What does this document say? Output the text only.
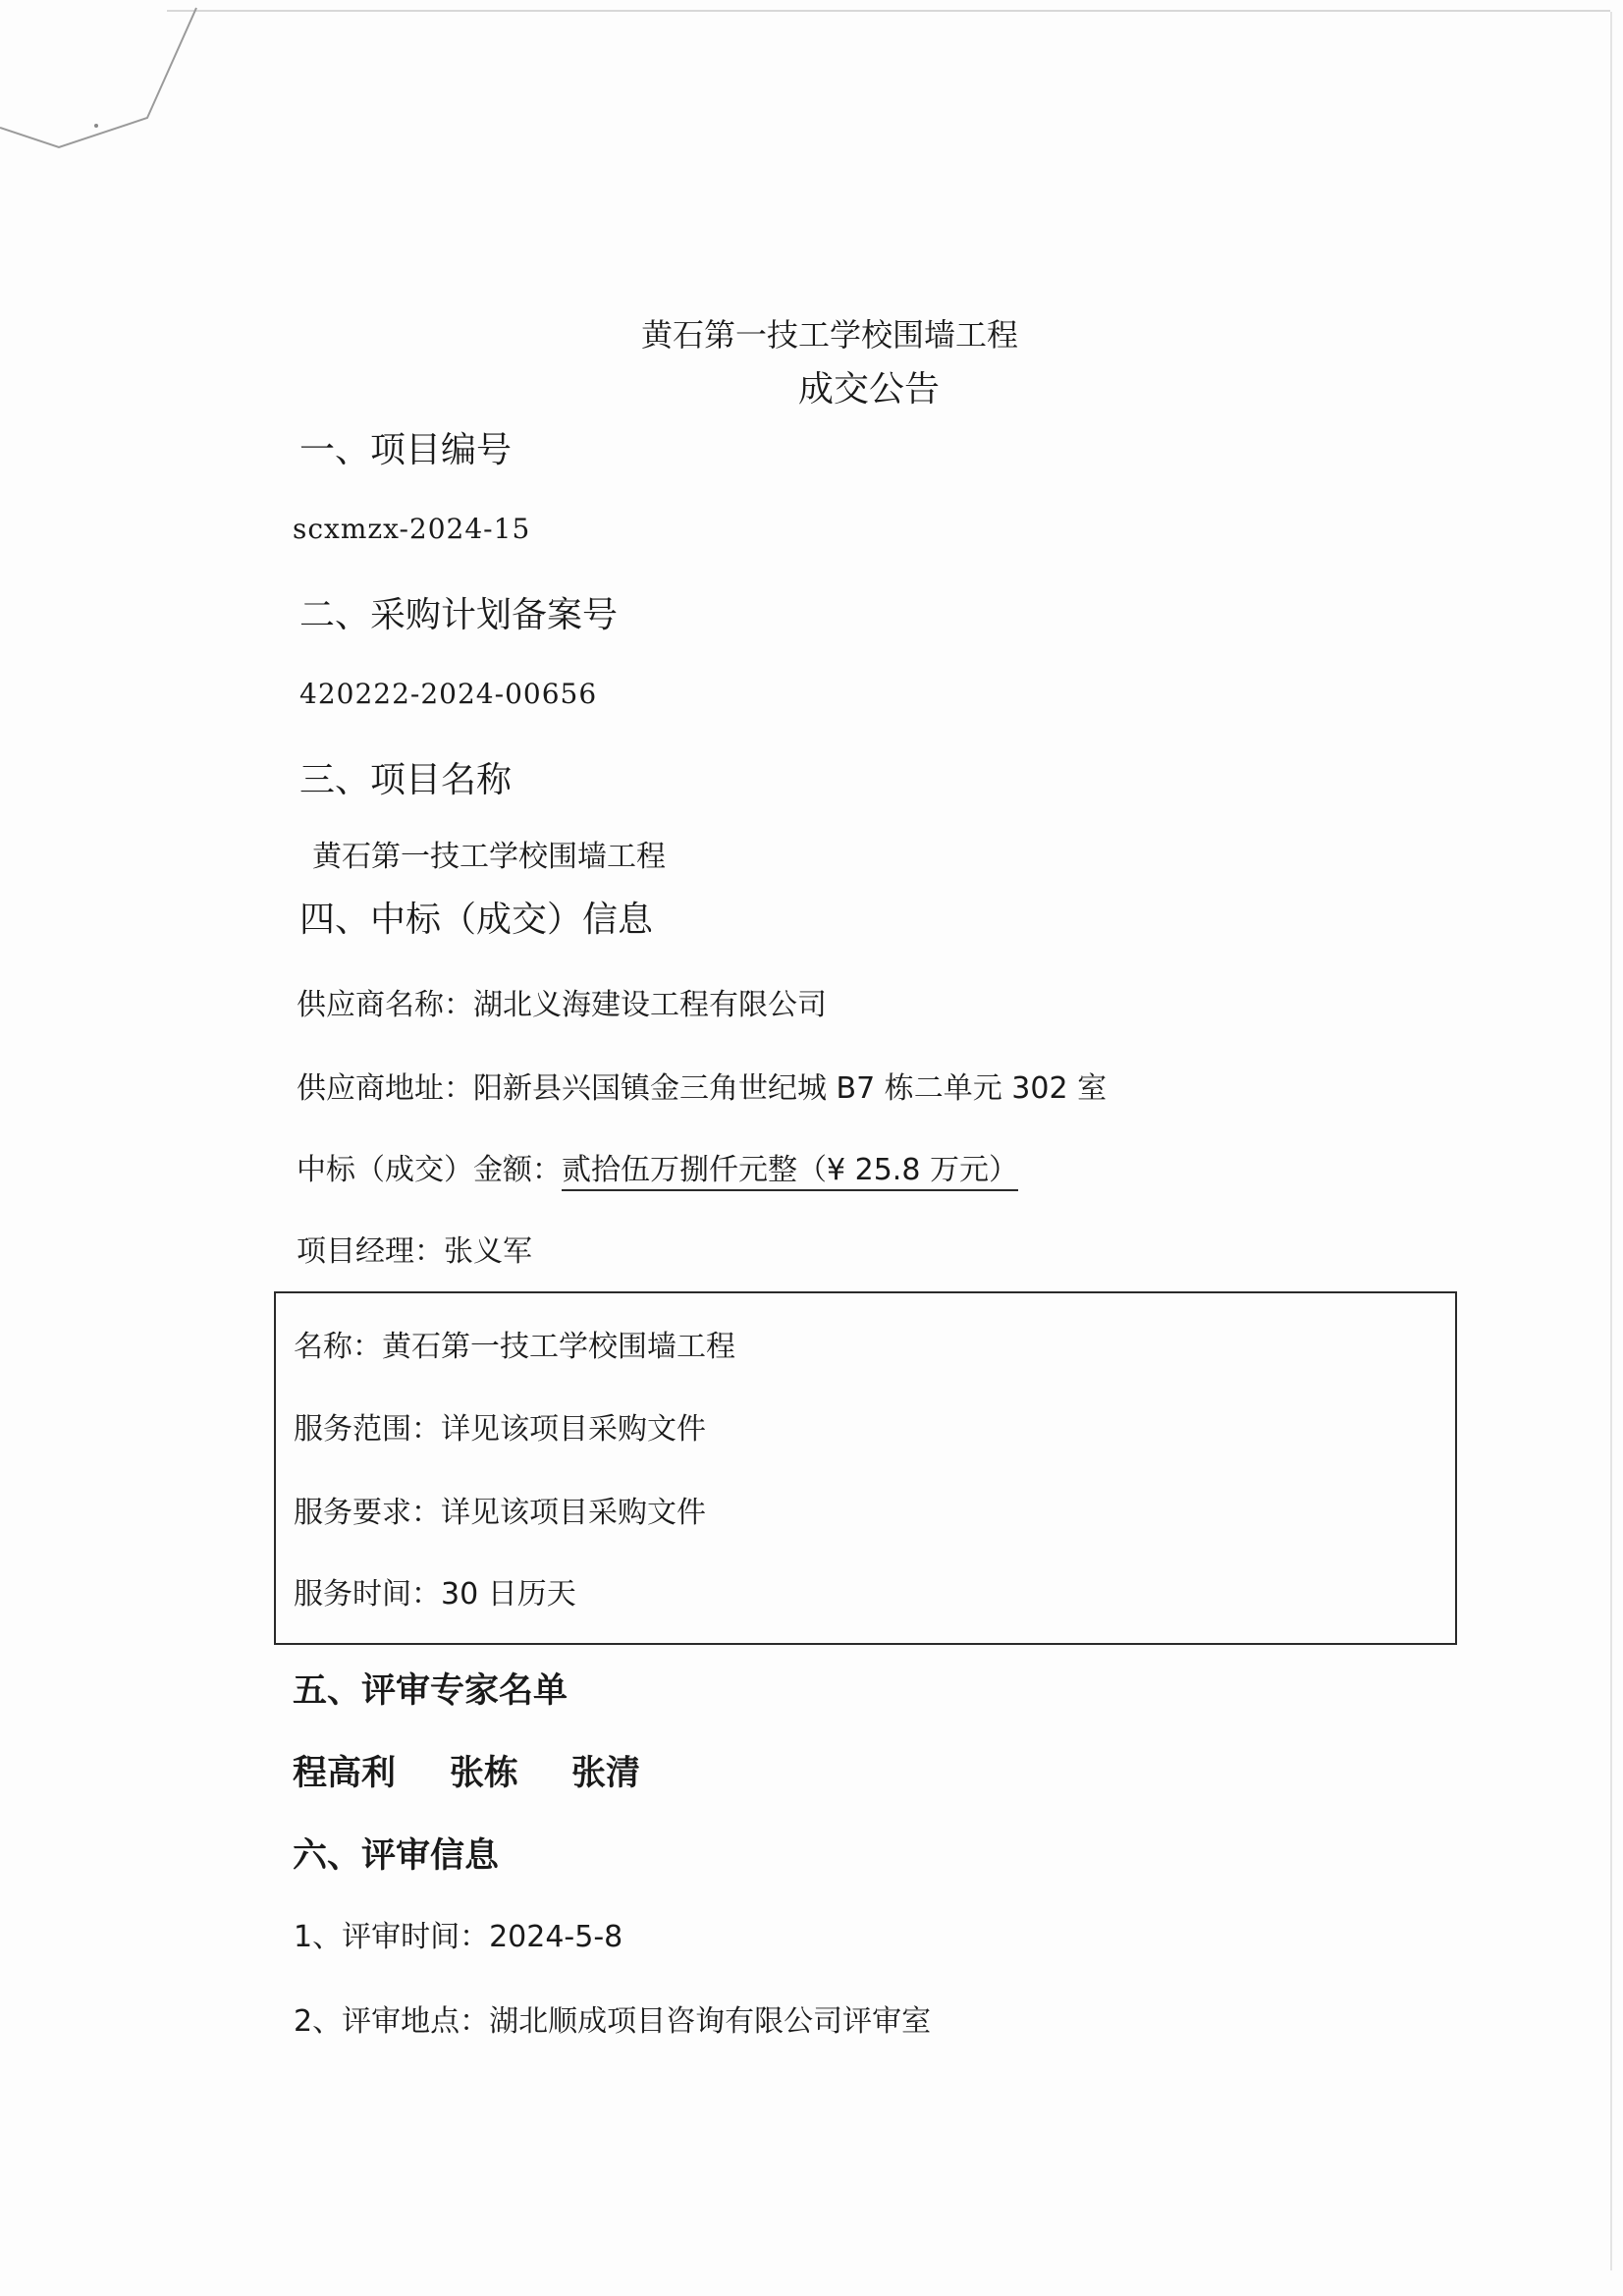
黄石第一技工学校围墙工程
成交公告
一、项目编号
scxmzx-2024-15
二、采购计划备案号
420222-2024-00656
三、项目名称
黄石第一技工学校围墙工程
四、中标（成交）信息
供应商名称：湖北义海建设工程有限公司
供应商地址：阳新县兴国镇金三角世纪城 B7 栋二单元 302 室
中标（成交）金额：贰拾伍万捌仟元整（¥ 25.8 万元）
项目经理：张义军
名称：黄石第一技工学校围墙工程
服务范围：详见该项目采购文件
服务要求：详见该项目采购文件
服务时间：30 日历天
五、评审专家名单
程高利 张栋 张清
六、评审信息
1、评审时间：2024-5-8
2、评审地点：湖北顺成项目咨询有限公司评审室
